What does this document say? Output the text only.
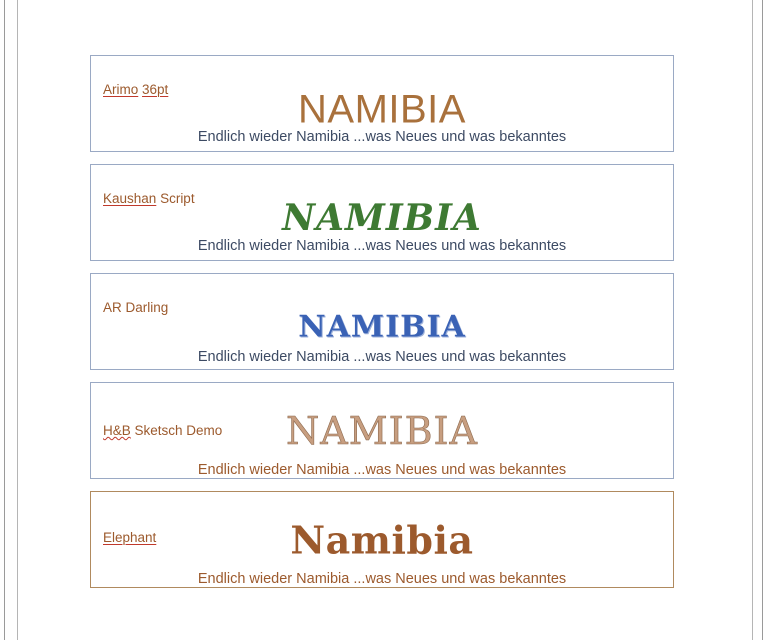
Arimo 36pt	NAMIBIA
Endlich wieder Namibia ...was Neues und was bekanntes
Kaushan Script	NAMIBIA
Endlich wieder Namibia ...was Neues und was bekanntes
AR Darling
NAMIBIA
Endlich wieder Namibia ...was Neues und was bekanntes
H&B Sketsch Demo	NAMIBIA
Endlich wieder Namibia ...was Neues und was bekanntes
Elephant	Namibia
Endlich wieder Namibia ...was Neues und was bekanntes
